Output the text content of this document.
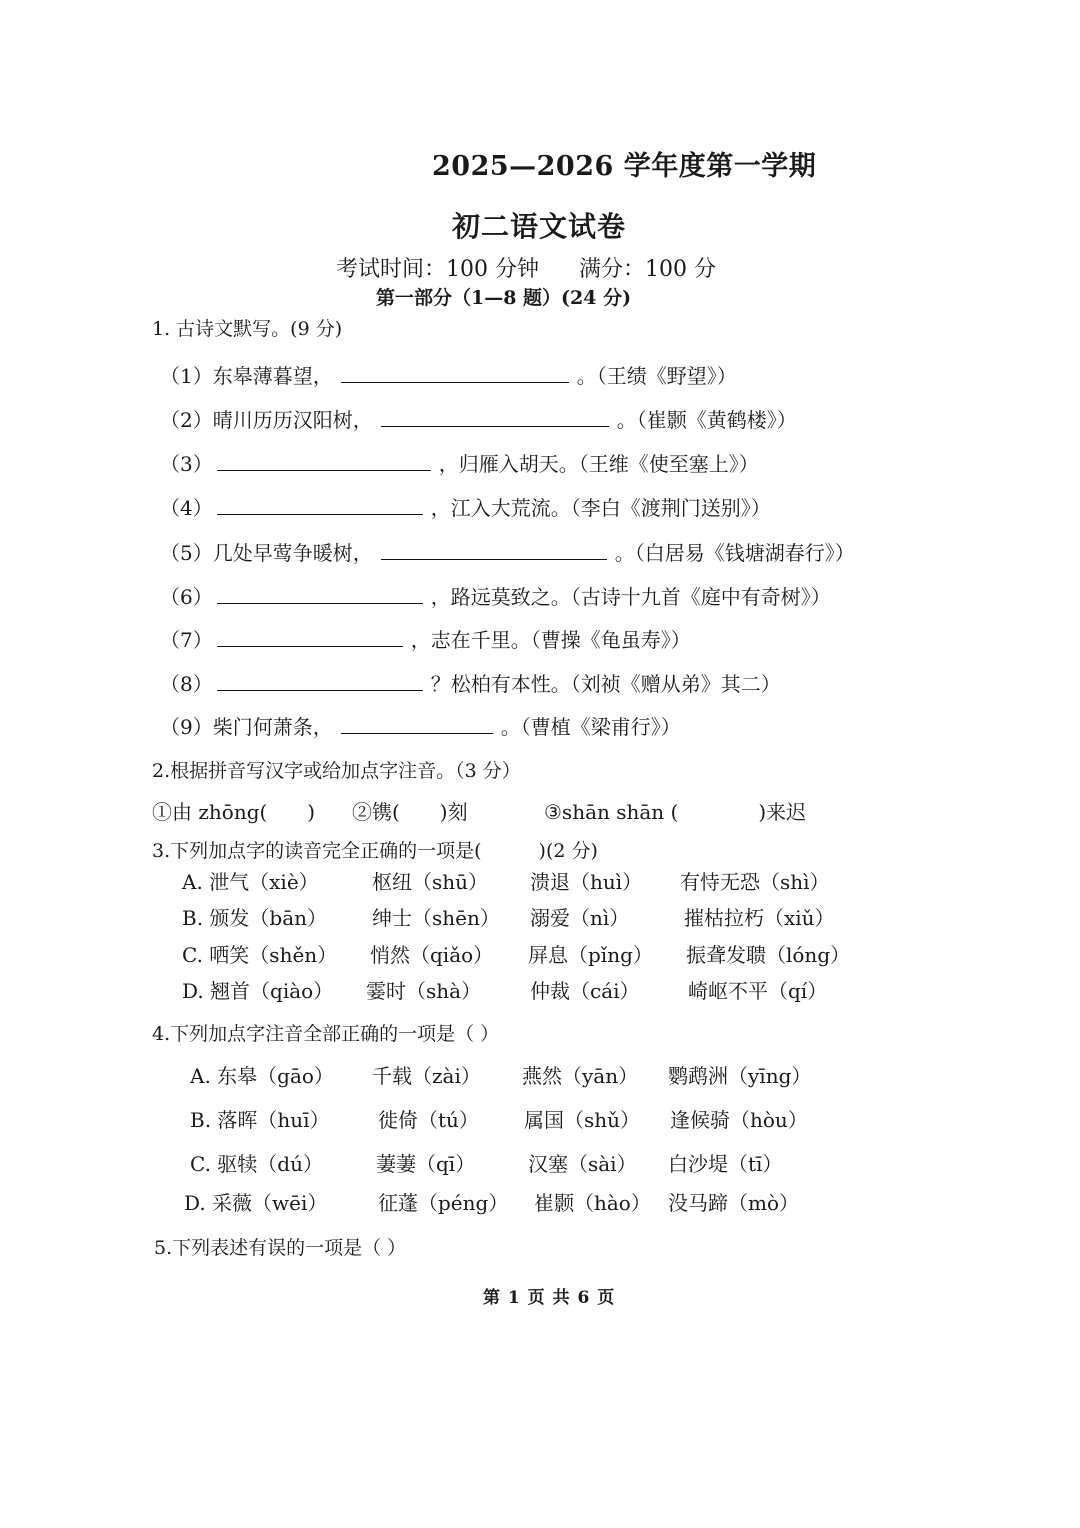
2025—2026 学年度第一学期
初二语文试卷
考试时间：100 分钟 满分：100 分
第一部分（1—8 题）(24 分)
1. 古诗文默写。(9 分)
（1） 东皋薄暮望，	。（王绩《野望》）
（2） 晴川历历汉阳树，	。（崔颢《黄鹤楼》）
（3）	，归雁入胡天。（王维《使至塞上》）
（4）	，江入大荒流。（李白《渡荆门送别》）
（5） 几处早莺争暖树，	。（白居易《钱塘湖春行》）
（6）	，路远莫致之。（古诗十九首《庭中有奇树》）
（7）	，志在千里。（曹操《龟虽寿》）
（8）	？松柏有本性。（刘祯《赠从弟》其二）
（9） 柴门何萧条，	。（曹植《梁甫行》）
2.根据拼音写汉字或给加点字注音。（3 分）
①由 zhōng(　　) ②镌(　　)刻	③shān shān (　　　　)来迟
3.下列加点字的读音完全正确的一项是(　　　)(2 分)
A. 泄气（xiè）	枢纽（shū） 溃退（huì） 有恃无恐（shì）
B. 颁发（bān） 绅士（shēn） 溺爱（nì）	摧枯拉朽（xiǔ）
C. 哂笑（shěn） 悄然（qiǎo） 屏息（pǐng） 振聋发聩（lóng）
D. 翘首（qiào） 霎时（shà） 仲裁（cái） 崎岖不平（qí）
4.下列加点字注音全部正确的一项是（ ）
A. 东皋（gāo） 千载（zài） 燕然（yān） 鹦鹉洲（yīng）
B. 落晖（huī） 徙倚（tú） 属国（shǔ） 逢候骑（hòu）
C. 驱犊（dú）	萋萋（qī）	汉塞（sài） 白沙堤（tī）
D. 采薇（wēi）	征蓬（péng） 崔颢（hào） 没马蹄（mò）
5.下列表述有误的一项是（ ）
第 1 页 共 6 页
